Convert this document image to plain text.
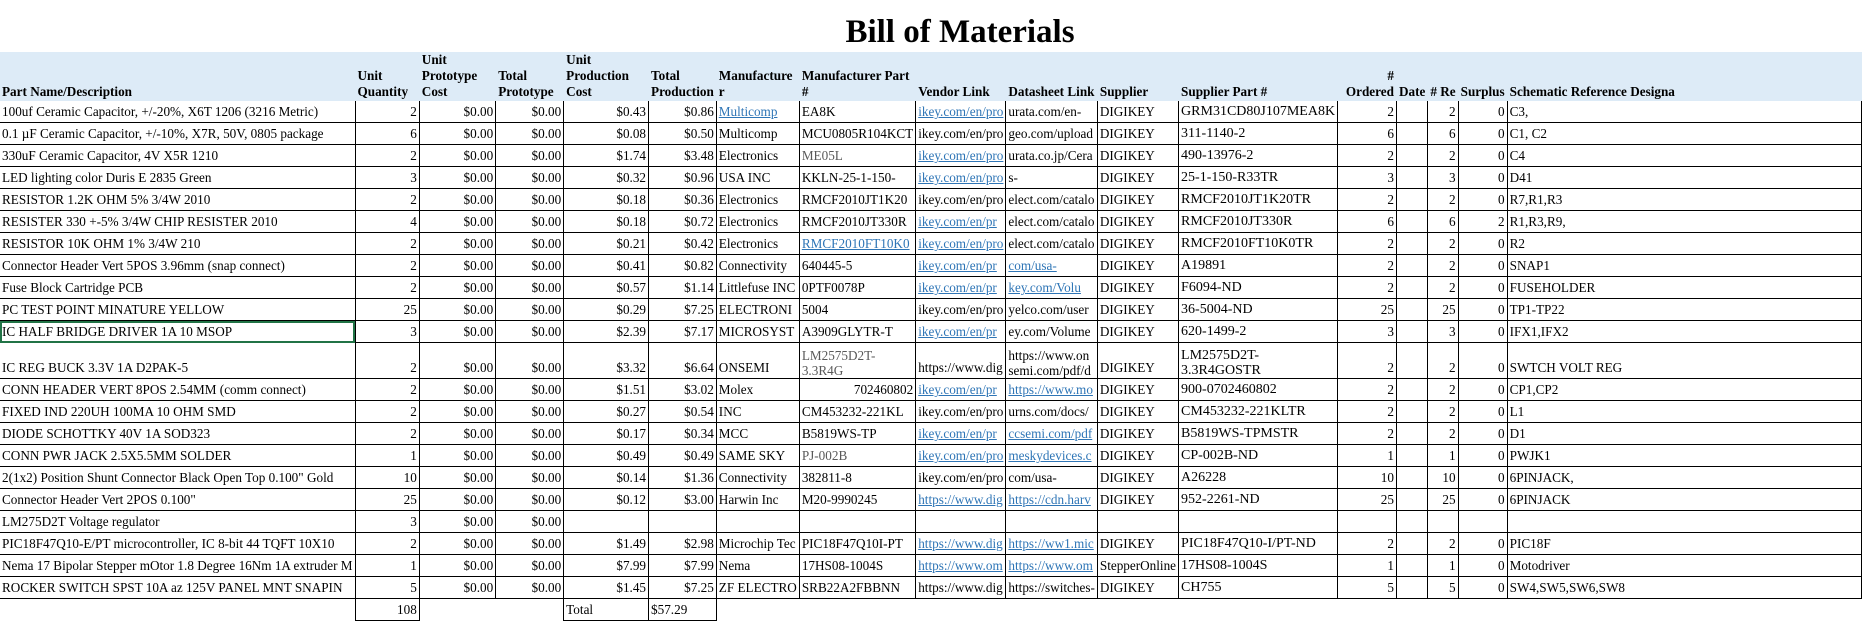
Bill of Materials
Part Name/Description	Unit Quantity	Unit Prototype Cost	Total Prototype	Unit Production Cost	Total Production	Manufacturer	Manufacturer Part #	Vendor Link	Datasheet Link	Supplier	Supplier Part #	# Ordered	Date	# Re	Surplus	Schematic Reference Designa
100uf Ceramic Capacitor, +/-20%, X6T 1206 (3216 Metric)	2	$0.00	$0.00	$0.43	$0.86	Multicomp	EA8K	ikey.com/en/pro	urata.com/en-	DIGIKEY	GRM31CD80J107MEA8K	2		2	0	C3,
0.1 µF Ceramic Capacitor, +/-10%, X7R, 50V, 0805 package	6	$0.00	$0.00	$0.08	$0.50	Multicomp	MCU0805R104KCT	ikey.com/en/pro	geo.com/upload	DIGIKEY	311-1140-2	6		6	0	C1, C2
330uF Ceramic Capacitor, 4V X5R 1210	2	$0.00	$0.00	$1.74	$3.48	Electronics	ME05L	ikey.com/en/pro	urata.co.jp/Cera	DIGIKEY	490-13976-2	2		2	0	C4
LED lighting color Duris E 2835 Green	3	$0.00	$0.00	$0.32	$0.96	USA INC	KKLN-25-1-150-	ikey.com/en/pro	s-	DIGIKEY	25-1-150-R33TR	3		3	0	D41
RESISTOR 1.2K OHM 5% 3/4W 2010	2	$0.00	$0.00	$0.18	$0.36	Electronics	RMCF2010JT1K20	ikey.com/en/pro	elect.com/catalo	DIGIKEY	RMCF2010JT1K20TR	2		2	0	R7,R1,R3
RESISTER 330 +-5% 3/4W CHIP RESISTER 2010	4	$0.00	$0.00	$0.18	$0.72	Electronics	RMCF2010JT330R	ikey.com/en/pr	elect.com/catalo	DIGIKEY	RMCF2010JT330R	6		6	2	R1,R3,R9,
RESISTOR 10K OHM 1% 3/4W 210	2	$0.00	$0.00	$0.21	$0.42	Electronics	RMCF2010FT10K0	ikey.com/en/pro	elect.com/catalo	DIGIKEY	RMCF2010FT10K0TR	2		2	0	R2
Connector Header Vert 5POS 3.96mm (snap connect)	2	$0.00	$0.00	$0.41	$0.82	Connectivity	640445-5	ikey.com/en/pr	com/usa-	DIGIKEY	A19891	2		2	0	SNAP1
Fuse Block Cartridge PCB	2	$0.00	$0.00	$0.57	$1.14	Littlefuse INC	0PTF0078P	ikey.com/en/pr	key.com/Volu	DIGIKEY	F6094-ND	2		2	0	FUSEHOLDER
PC TEST POINT MINATURE YELLOW	25	$0.00	$0.00	$0.29	$7.25	ELECTRONI	5004	ikey.com/en/pro	yelco.com/user	DIGIKEY	36-5004-ND	25		25	0	TP1-TP22
IC HALF BRIDGE DRIVER 1A 10 MSOP	3	$0.00	$0.00	$2.39	$7.17	MICROSYST	A3909GLYTR-T	ikey.com/en/pr	ey.com/Volume	DIGIKEY	620-1499-2	3		3	0	IFX1,IFX2
IC REG BUCK 3.3V 1A D2PAK-5	2	$0.00	$0.00	$3.32	$6.64	ONSEMI	LM2575D2T-3.3R4G	https://www.dig	https://www.on semi.com/pdf/d	DIGIKEY	LM2575D2T-3.3R4GOSTR	2		2	0	SWTCH VOLT REG
CONN HEADER VERT 8POS 2.54MM (comm connect)	2	$0.00	$0.00	$1.51	$3.02	Molex	702460802	ikey.com/en/pr	https://www.mo	DIGIKEY	900-0702460802	2		2	0	CP1,CP2
FIXED IND 220UH 100MA 10 OHM SMD	2	$0.00	$0.00	$0.27	$0.54	INC	CM453232-221KL	ikey.com/en/pro	urns.com/docs/	DIGIKEY	CM453232-221KLTR	2		2	0	L1
DIODE SCHOTTKY 40V 1A SOD323	2	$0.00	$0.00	$0.17	$0.34	MCC	B5819WS-TP	ikey.com/en/pr	ccsemi.com/pdf	DIGIKEY	B5819WS-TPMSTR	2		2	0	D1
CONN PWR JACK 2.5X5.5MM SOLDER	1	$0.00	$0.00	$0.49	$0.49	SAME SKY	PJ-002B	ikey.com/en/pro	meskydevices.c	DIGIKEY	CP-002B-ND	1		1	0	PWJK1
2(1x2) Position Shunt Connector Black Open Top 0.100" Gold	10	$0.00	$0.00	$0.14	$1.36	Connectivity	382811-8	ikey.com/en/pro	com/usa-	DIGIKEY	A26228	10		10	0	6PINJACK,
Connector Header Vert 2POS 0.100"	25	$0.00	$0.00	$0.12	$3.00	Harwin Inc	M20-9990245	https://www.dig	https://cdn.harv	DIGIKEY	952-2261-ND	25		25	0	6PINJACK
LM275D2T Voltage regulator	3	$0.00	$0.00													
PIC18F47Q10-E/PT microcontroller, IC 8-bit 44 TQFT 10X10	2	$0.00	$0.00	$1.49	$2.98	Microchip Tec	PIC18F47Q10I-PT	https://www.dig	https://ww1.mic	DIGIKEY	PIC18F47Q10-I/PT-ND	2		2	0	PIC18F
Nema 17 Bipolar Stepper mOtor 1.8 Degree 16Nm 1A extruder M	1	$0.00	$0.00	$7.99	$7.99	Nema	17HS08-1004S	https://www.om	https://www.om	StepperOnline	17HS08-1004S	1		1	0	Motodriver
ROCKER SWITCH SPST 10A az 125V PANEL MNT SNAPIN	5	$0.00	$0.00	$1.45	$7.25	ZF ELECTRO	SRB22A2FBBNN	https://www.dig	https://switches-	DIGIKEY	CH755	5		5	0	SW4,SW5,SW6,SW8
	108			Total	$57.29											
